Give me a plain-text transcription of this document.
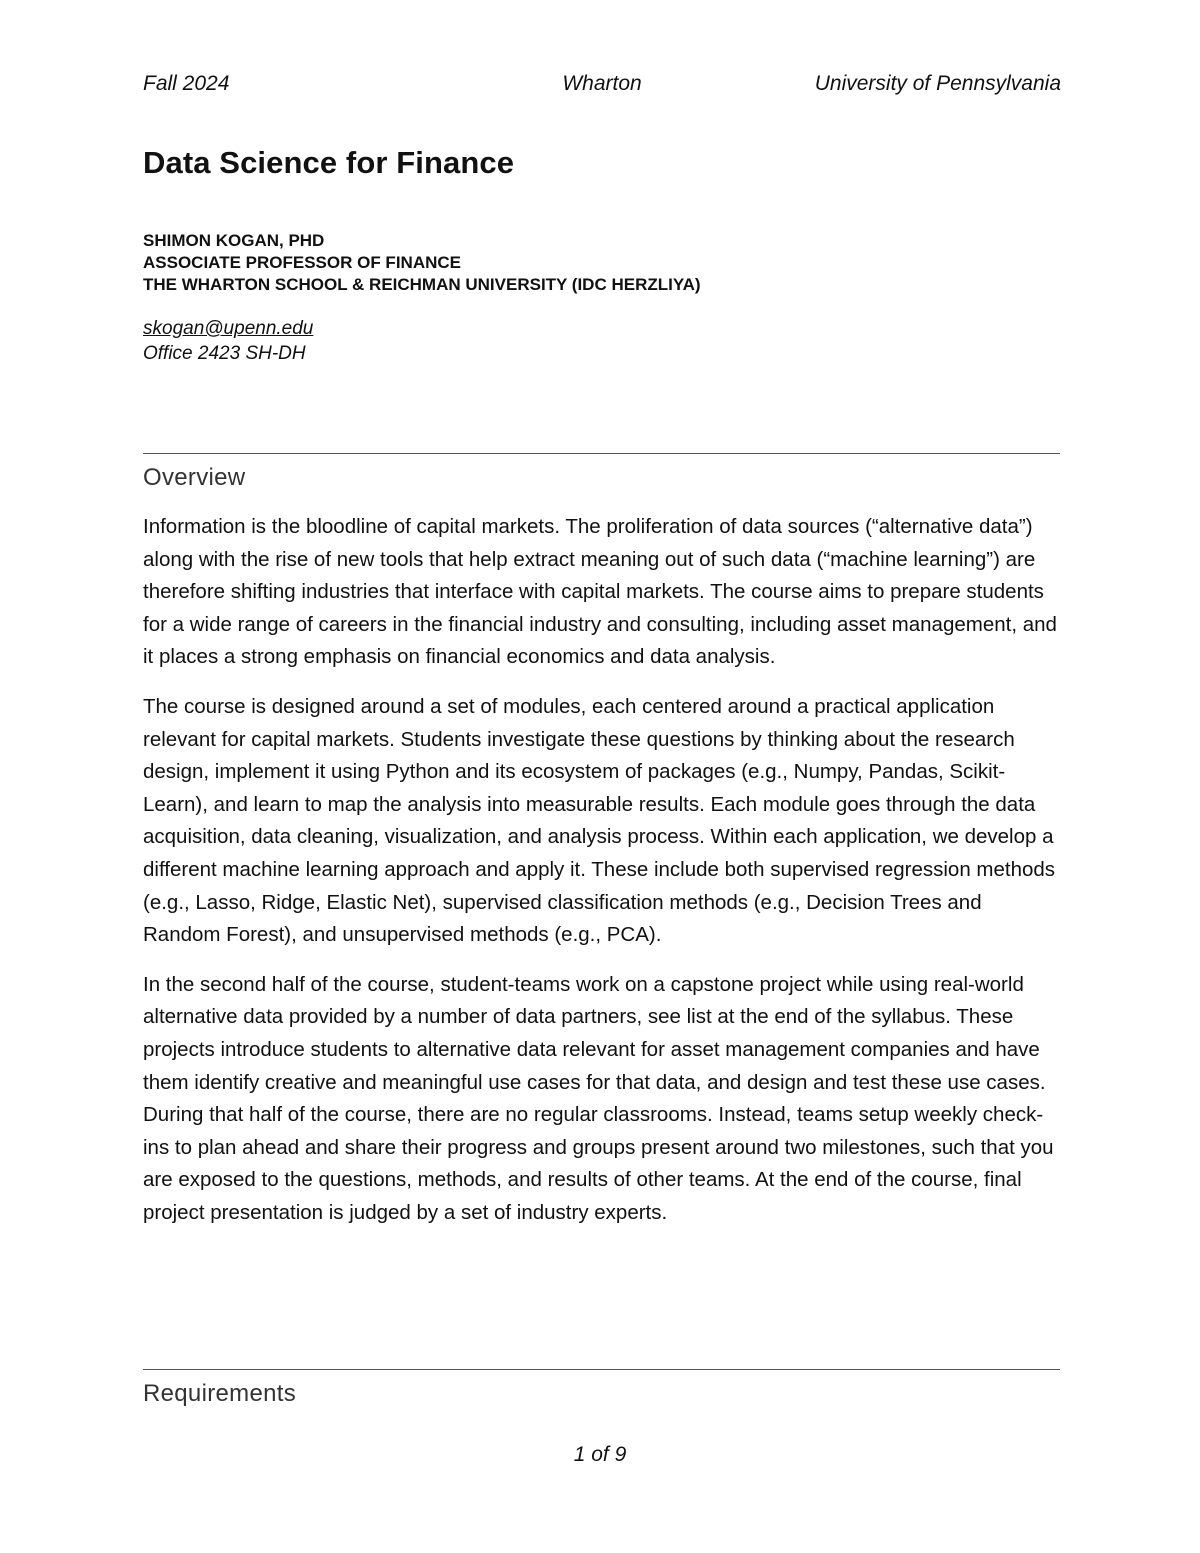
Fall 2024	Wharton	University of Pennsylvania
Data Science for Finance
SHIMON KOGAN, PHD
ASSOCIATE PROFESSOR OF FINANCE
THE WHARTON SCHOOL & REICHMAN UNIVERSITY (IDC HERZLIYA)
skogan@upenn.edu
Office 2423 SH-DH
Overview

Information is the bloodline of capital markets. The proliferation of data sources (“alternative data”) along with the rise of new tools that help extract meaning out of such data (“machine learning”) are therefore shifting industries that interface with capital markets. The course aims to prepare students for a wide range of careers in the financial industry and consulting, including asset management, and it places a strong emphasis on financial economics and data analysis.

The course is designed around a set of modules, each centered around a practical application relevant for capital markets. Students investigate these questions by thinking about the research design, implement it using Python and its ecosystem of packages (e.g., Numpy, Pandas, Scikit-Learn), and learn to map the analysis into measurable results. Each module goes through the data acquisition, data cleaning, visualization, and analysis process. Within each application, we develop a different machine learning approach and apply it. These include both supervised regression methods (e.g., Lasso, Ridge, Elastic Net), supervised classification methods (e.g., Decision Trees and Random Forest), and unsupervised methods (e.g., PCA).

In the second half of the course, student-teams work on a capstone project while using real-world alternative data provided by a number of data partners, see list at the end of the syllabus. These projects introduce students to alternative data relevant for asset management companies and have them identify creative and meaningful use cases for that data, and design and test these use cases. During that half of the course, there are no regular classrooms. Instead, teams setup weekly check-ins to plan ahead and share their progress and groups present around two milestones, such that you are exposed to the questions, methods, and results of other teams. At the end of the course, final project presentation is judged by a set of industry experts.

Requirements
1 of 9
